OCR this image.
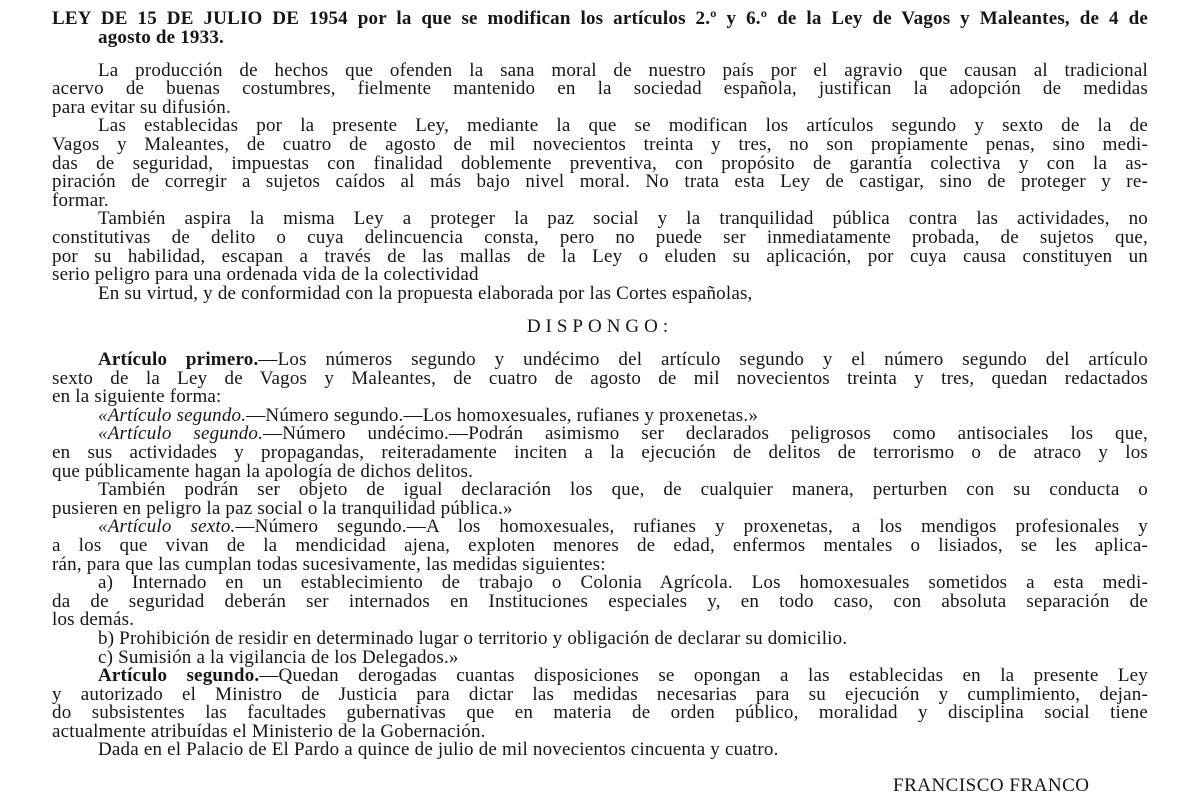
LEY DE 15 DE JULIO DE 1954 por la que se modifican los artículos 2.º y 6.º de la Ley de Vagos y Maleantes, de 4 de
agosto de 1933.
La producción de hechos que ofenden la sana moral de nuestro país por el agravio que causan al tradicional
acervo de buenas costumbres, fielmente mantenido en la sociedad española, justifican la adopción de medidas
para evitar su difusión.
Las establecidas por la presente Ley, mediante la que se modifican los artículos segundo y sexto de la de
Vagos y Maleantes, de cuatro de agosto de mil novecientos treinta y tres, no son propiamente penas, sino medi-
das de seguridad, impuestas con finalidad doblemente preventiva, con propósito de garantía colectiva y con la as-
piración de corregir a sujetos caídos al más bajo nivel moral. No trata esta Ley de castigar, sino de proteger y re-
formar.
También aspira la misma Ley a proteger la paz social y la tranquilidad pública contra las actividades, no
constitutivas de delito o cuya delincuencia consta, pero no puede ser inmediatamente probada, de sujetos que,
por su habilidad, escapan a través de las mallas de la Ley o eluden su aplicación, por cuya causa constituyen un
serio peligro para una ordenada vida de la colectividad
En su virtud, y de conformidad con la propuesta elaborada por las Cortes españolas,
DISPONGO:
Artículo primero.—Los números segundo y undécimo del artículo segundo y el número segundo del artículo
sexto de la Ley de Vagos y Maleantes, de cuatro de agosto de mil novecientos treinta y tres, quedan redactados
en la siguiente forma:
«Artículo segundo.—Número segundo.—Los homoxesuales, rufianes y proxenetas.»
«Artículo segundo.—Número undécimo.—Podrán asimismo ser declarados peligrosos como antisociales los que,
en sus actividades y propagandas, reiteradamente inciten a la ejecución de delitos de terrorismo o de atraco y los
que públicamente hagan la apología de dichos delitos.
También podrán ser objeto de igual declaración los que, de cualquier manera, perturben con su conducta o
pusieren en peligro la paz social o la tranquilidad pública.»
«Artículo sexto.—Número segundo.—A los homoxesuales, rufianes y proxenetas, a los mendigos profesionales y
a los que vivan de la mendicidad ajena, exploten menores de edad, enfermos mentales o lisiados, se les aplica-
rán, para que las cumplan todas sucesivamente, las medidas siguientes:
a) Internado en un establecimiento de trabajo o Colonia Agrícola. Los homoxesuales sometidos a esta medi-
da de seguridad deberán ser internados en Instituciones especiales y, en todo caso, con absoluta separación de
los demás.
b) Prohibición de residir en determinado lugar o territorio y obligación de declarar su domicilio.
c) Sumisión a la vigilancia de los Delegados.»
Artículo segundo.—Quedan derogadas cuantas disposiciones se opongan a las establecidas en la presente Ley
y autorizado el Ministro de Justicia para dictar las medidas necesarias para su ejecución y cumplimiento, dejan-
do subsistentes las facultades gubernativas que en materia de orden público, moralidad y disciplina social tiene
actualmente atribuídas el Ministerio de la Gobernación.
Dada en el Palacio de El Pardo a quince de julio de mil novecientos cincuenta y cuatro.
FRANCISCO FRANCO
